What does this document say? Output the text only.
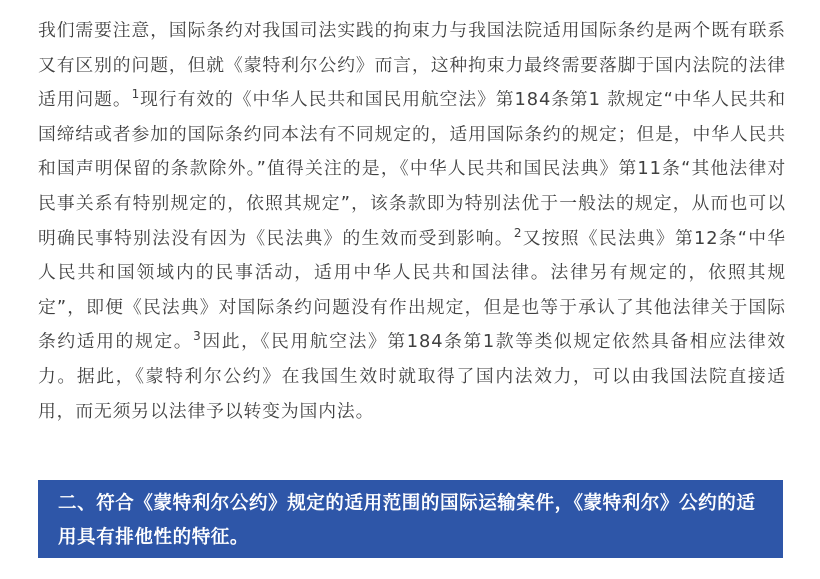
我们需要注意，国际条约对我国司法实践的拘束力与我国法院适用国际条约是两个既有联系又有区别的问题，但就《蒙特利尔公约》而言，这种拘束力最终需要落脚于国内法院的法律适用问题。$^1$现行有效的《中华人民共和国民用航空法》第184条第1 款规定“中华人民共和国缔结或者参加的国际条约同本法有不同规定的，适用国际条约的规定；但是，中华人民共和国声明保留的条款除外。”值得关注的是，《中华人民共和国民法典》第11条“其他法律对民事关系有特别规定的，依照其规定”，该条款即为特别法优于一般法的规定，从而也可以明确民事特别法没有因为《民法典》的生效而受到影响。$^2$又按照《民法典》第12条“中华人民共和国领域内的民事活动，适用中华人民共和国法律。法律另有规定的，依照其规定”，即便《民法典》对国际条约问题没有作出规定，但是也等于承认了其他法律关于国际条约适用的规定。$^3$因此，《民用航空法》第184条第1款等类似规定依然具备相应法律效力。据此，《蒙特利尔公约》在我国生效时就取得了国内法效力，可以由我国法院直接适用，而无须另以法律予以转变为国内法。

二、符合《蒙特利尔公约》规定的适用范围的国际运输案件，《蒙特利尔》公约的适用具有排他性的特征。
